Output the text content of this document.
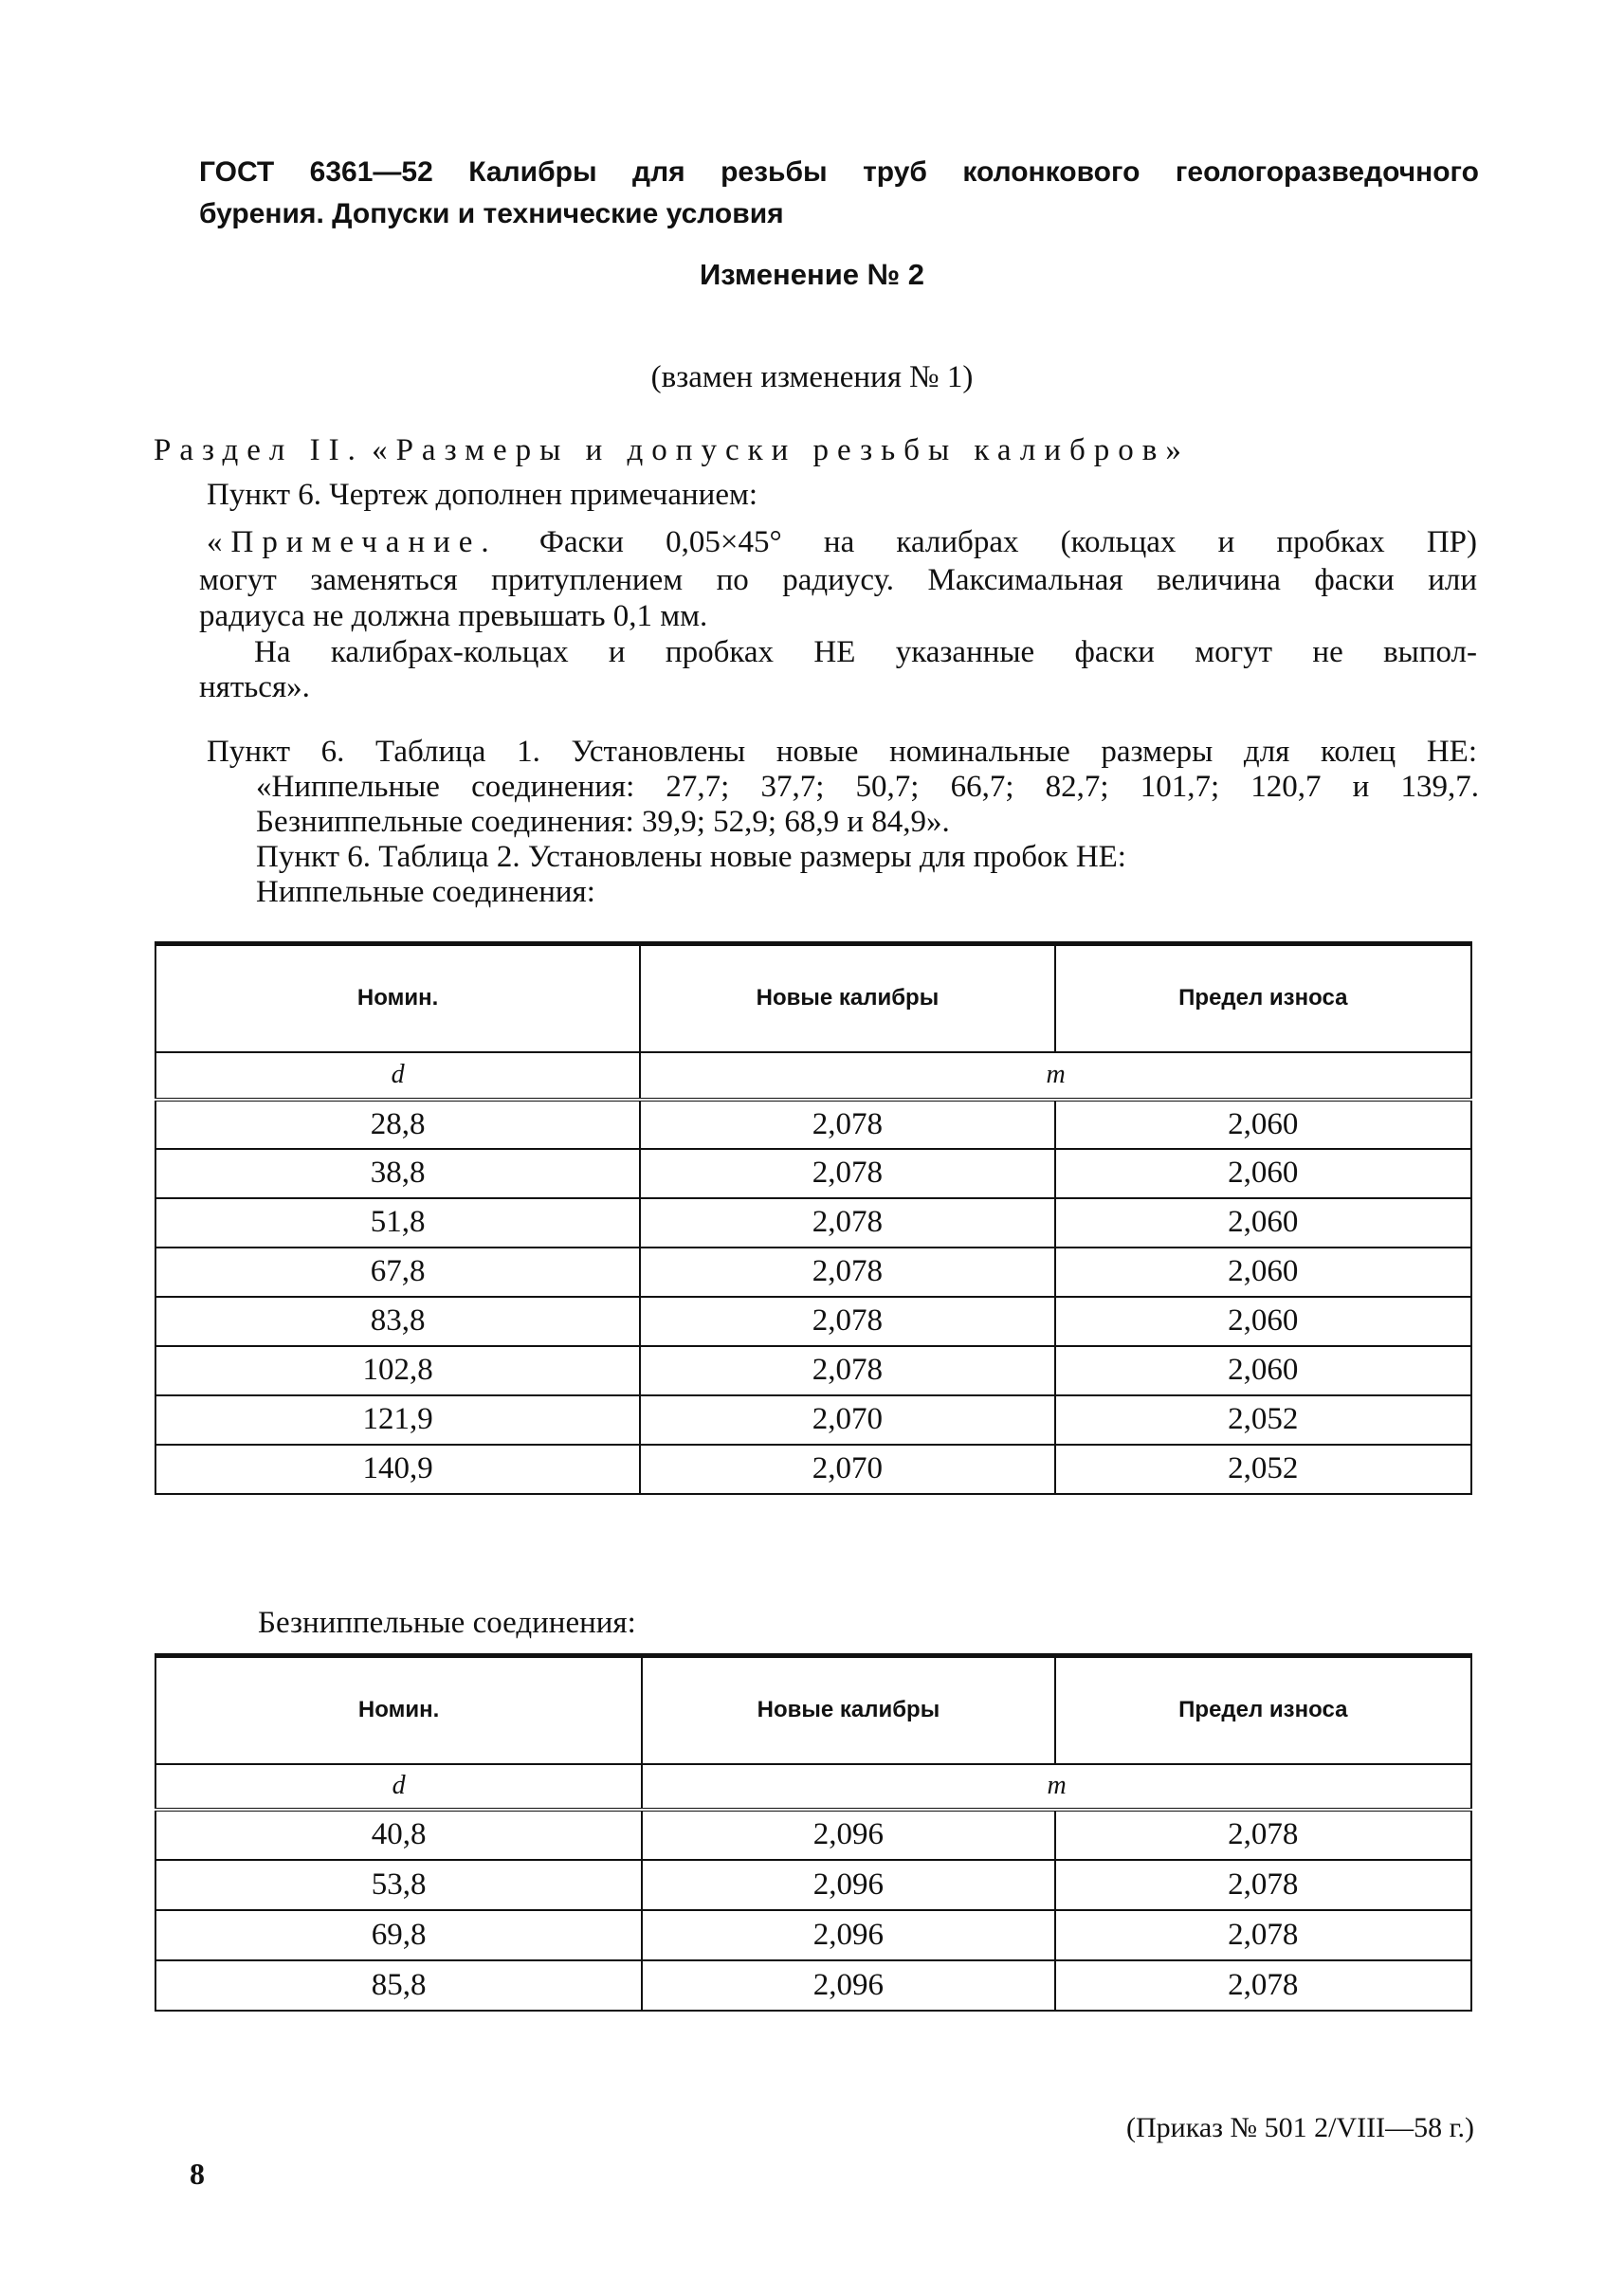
ГОСТ 6361—52 Калибры для резьбы труб колонкового геологоразведочного
бурения. Допуски и технические условия
Изменение № 2
(взамен изменения № 1)
Раздел II. «Размеры и допуски резьбы калибров»
Пункт 6. Чертеж дополнен примечанием:
«Примечание. Фаски 0,05×45° на калибрах (кольцах и пробках ПР)
могут заменяться притуплением по радиусу. Максимальная величина фаски или
радиуса не должна превышать 0,1 мм.
На калибрах-кольцах и пробках НЕ указанные фаски могут не выпол-
няться».
Пункт 6. Таблица 1. Установлены новые номинальные размеры для колец НЕ:
«Ниппельные соединения: 27,7; 37,7; 50,7; 66,7; 82,7; 101,7; 120,7 и 139,7.
Безниппельные соединения: 39,9; 52,9; 68,9 и 84,9».
Пункт 6. Таблица 2. Установлены новые размеры для пробок НЕ:
Ниппельные соединения:
Номин.	Новые калибры	Предел износа
d	m	
28,8	2,078	2,060
38,8	2,078	2,060
51,8	2,078	2,060
67,8	2,078	2,060
83,8	2,078	2,060
102,8	2,078	2,060
121,9	2,070	2,052
140,9	2,070	2,052
Безниппельные соединения:
Номин.	Новые калибры	Предел износа
d	m	
40,8	2,096	2,078
53,8	2,096	2,078
69,8	2,096	2,078
85,8	2,096	2,078
(Приказ № 501 2/VIII—58 г.)
8
